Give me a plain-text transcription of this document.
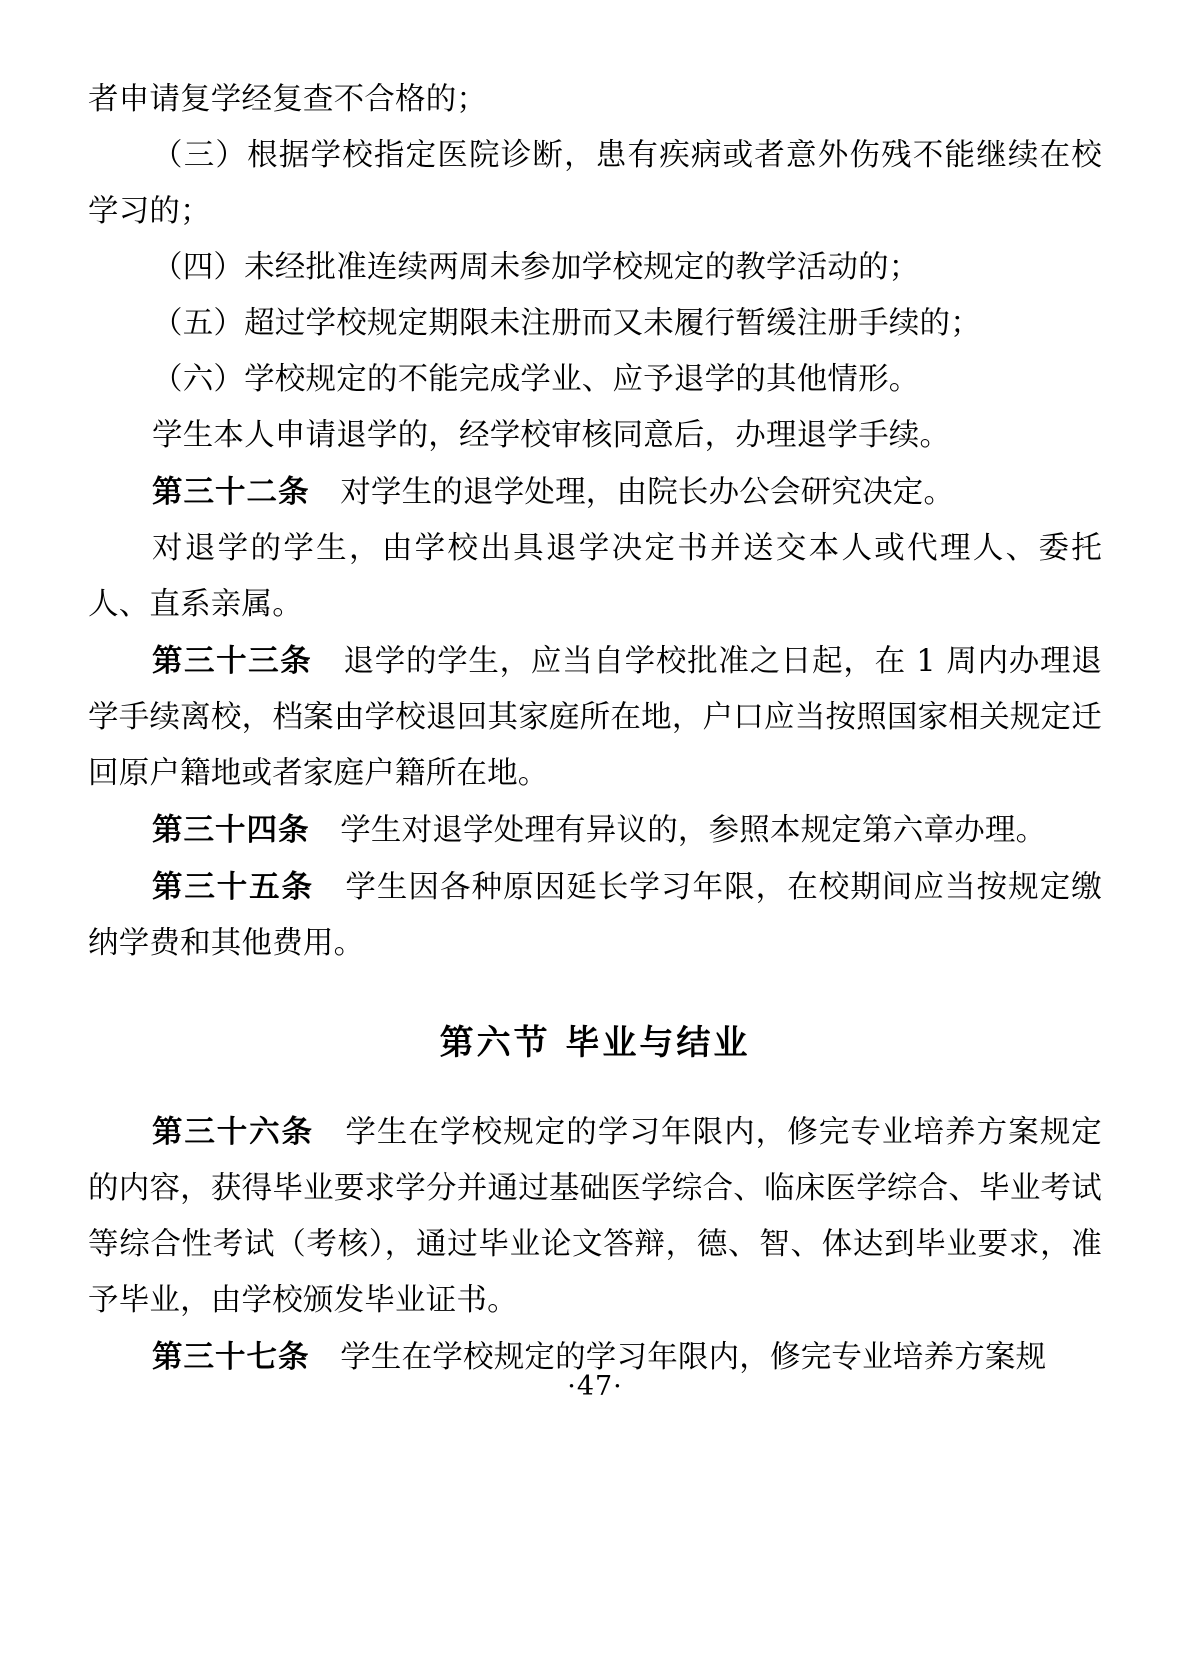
者申请复学经复查不合格的；

（三）根据学校指定医院诊断，患有疾病或者意外伤残不能继续在校学习的；

（四）未经批准连续两周未参加学校规定的教学活动的；

（五）超过学校规定期限未注册而又未履行暂缓注册手续的；

（六）学校规定的不能完成学业、应予退学的其他情形。

学生本人申请退学的，经学校审核同意后，办理退学手续。

第三十二条　对学生的退学处理，由院长办公会研究决定。

对退学的学生，由学校出具退学决定书并送交本人或代理人、委托人、直系亲属。

第三十三条　退学的学生，应当自学校批准之日起，在 1 周内办理退学手续离校，档案由学校退回其家庭所在地，户口应当按照国家相关规定迁回原户籍地或者家庭户籍所在地。

第三十四条　学生对退学处理有异议的，参照本规定第六章办理。

第三十五条　学生因各种原因延长学习年限，在校期间应当按规定缴纳学费和其他费用。

第六节 毕业与结业

第三十六条　学生在学校规定的学习年限内，修完专业培养方案规定的内容，获得毕业要求学分并通过基础医学综合、临床医学综合、毕业考试等综合性考试（考核），通过毕业论文答辩，德、智、体达到毕业要求，准予毕业，由学校颁发毕业证书。

第三十七条　学生在学校规定的学习年限内，修完专业培养方案规

·47·
